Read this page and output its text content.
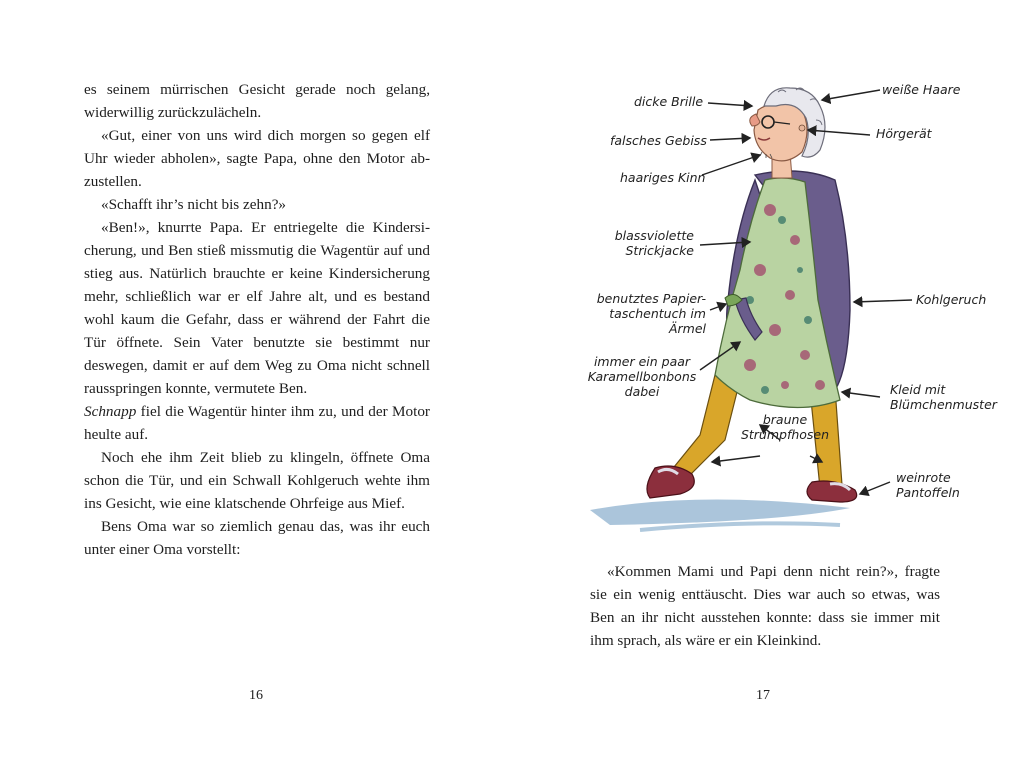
es seinem mürrischen Gesicht gerade noch gelang, widerwillig zurückzulächeln.

«Gut, einer von uns wird dich morgen so gegen elf Uhr wieder abholen», sagte Papa, ohne den Motor abzustellen.

«Schafft ihr’s nicht bis zehn?»

«Ben!», knurrte Papa. Er entriegelte die Kindersicherung, und Ben stieß missmutig die Wagentür auf und stieg aus. Natürlich brauchte er keine Kindersicherung mehr, schließlich war er elf Jahre alt, und es bestand wohl kaum die Gefahr, dass er während der Fahrt die Tür öffnete. Sein Vater benutzte sie bestimmt nur deswegen, damit er auf dem Weg zu Oma nicht schnell rausspringen konnte, vermutete Ben.

Schnapp fiel die Wagentür hinter ihm zu, und der Motor heulte auf.

Noch ehe ihm Zeit blieb zu klingeln, öffnete Oma schon die Tür, und ein Schwall Kohlgeruch wehte ihm ins Gesicht, wie eine klatschende Ohrfeige aus Mief.

Bens Oma war so ziemlich genau das, was ihr euch unter einer Oma vorstellt:

16
dicke Brille
weiße Haare
falsches Gebiss	Hörgerät
haariges Kinn
blassviolette
Strickjacke
benutztes Papier-
taschentuch im
Ärmel
Kohlgeruch
immer ein paar
Karamellbonbons
dabei	Kleid mit
Blümchenmuster
braune
Strumpfhosen
weinrote
Pantoffeln

«Kommen Mami und Papi denn nicht rein?», fragte sie ein wenig enttäuscht. Dies war auch so etwas, was Ben an ihr nicht ausstehen konnte: dass sie immer mit ihm sprach, als wäre er ein Kleinkind.

17
